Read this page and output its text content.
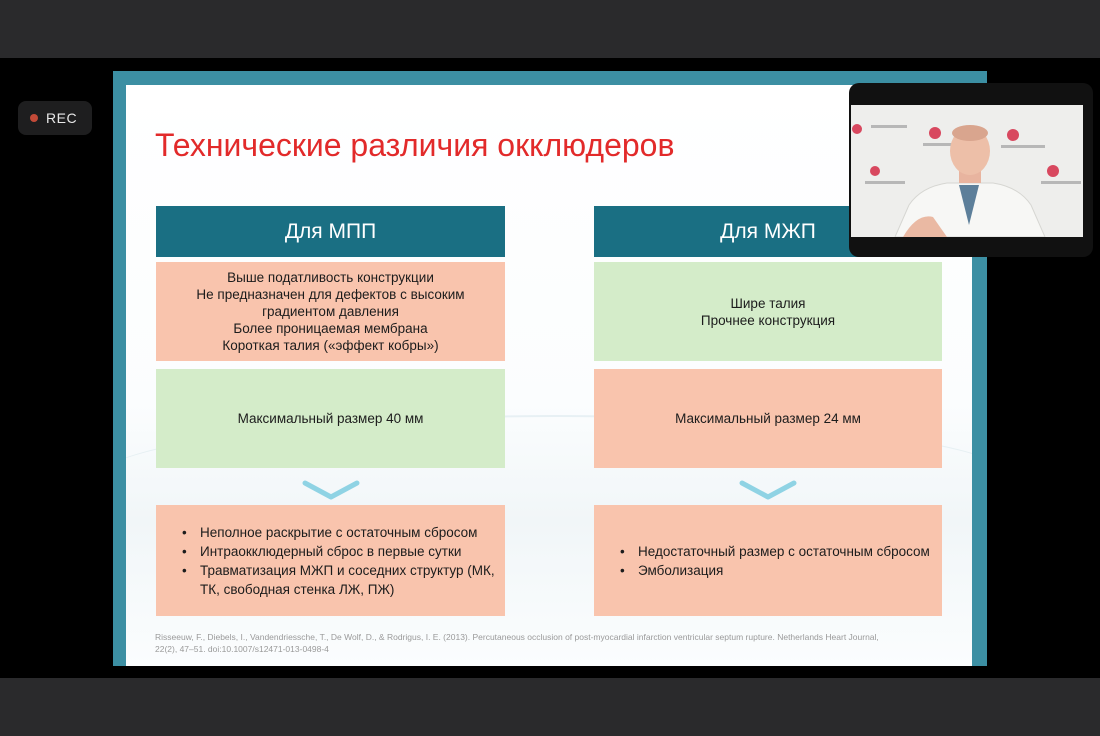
REC
Технические различия окклюдеров
Для МПП
Выше податливость конструкции
Не предназначен для дефектов с высоким
градиентом давления
Более проницаемая мембрана
Короткая талия («эффект кобры»)
Максимальный размер 40 мм
• Неполное раскрытие с остаточным сбросом
• Интраокклюдерный сброс в первые сутки
• Травматизация МЖП и соседних структур (МК, ТК, свободная стенка ЛЖ, ПЖ)
Для МЖП
Шире талия
Прочнее конструкция
Максимальный размер 24 мм
• Недостаточный размер с остаточным сбросом
• Эмболизация
Risseeuw, F., Diebels, I., Vandendriessche, T., De Wolf, D., & Rodrigus, I. E. (2013). Percutaneous occlusion of post-myocardial infarction ventricular septum rupture. Netherlands Heart Journal, 22(2), 47–51. doi:10.1007/s12471-013-0498-4
